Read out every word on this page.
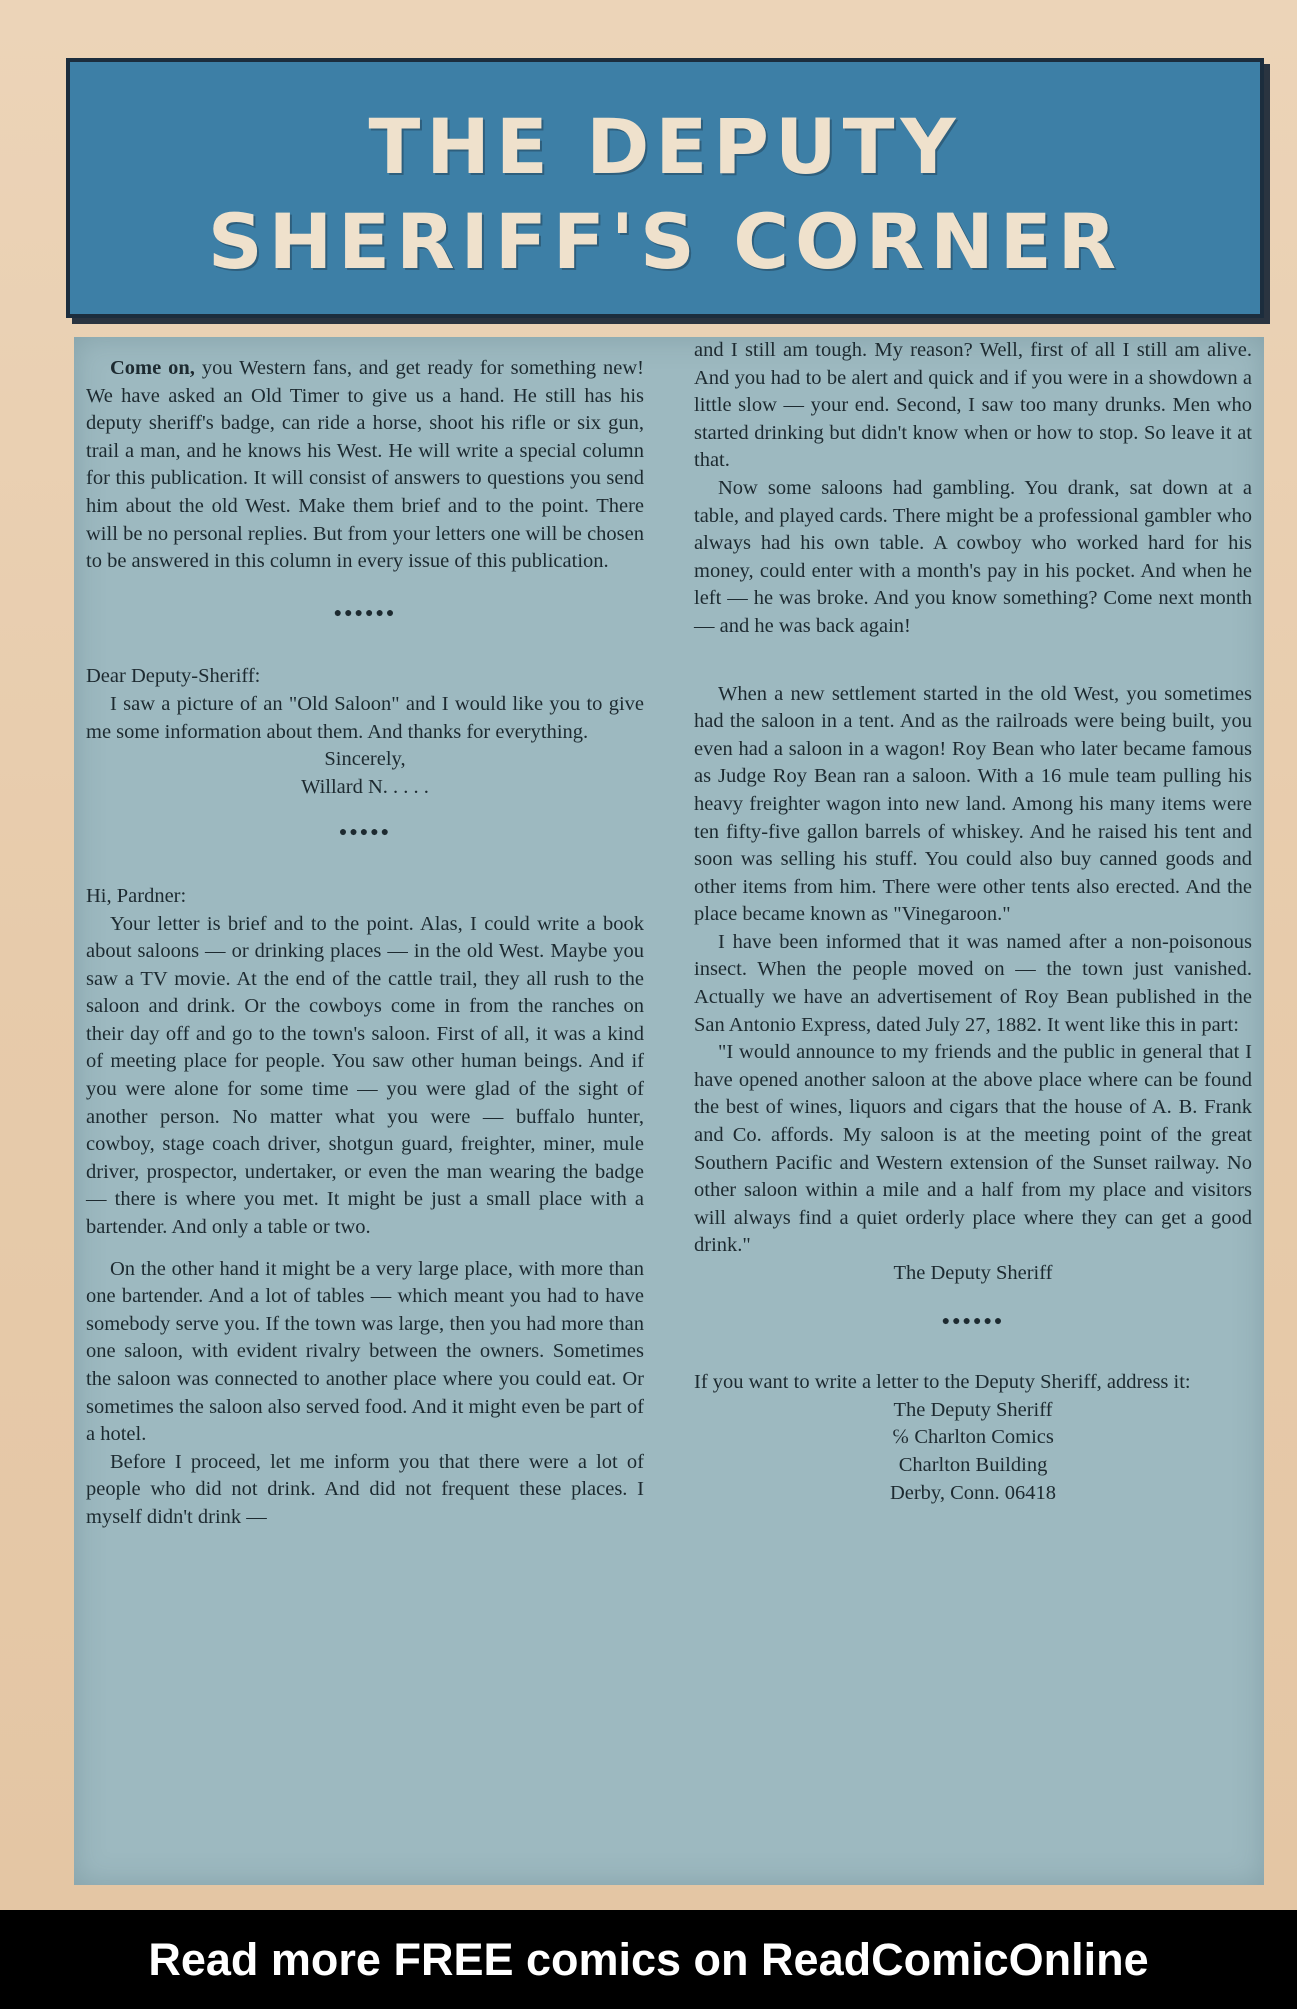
THE DEPUTY
SHERIFF'S CORNER

Come on, you Western fans, and get ready for something new! We have asked an Old Timer to give us a hand. He still has his deputy sheriff's badge, can ride a horse, shoot his rifle or six gun, trail a man, and he knows his West. He will write a special column for this publication. It will consist of answers to questions you send him about the old West. Make them brief and to the point. There will be no personal replies. But from your letters one will be chosen to be answered in this column in every issue of this publication.

●●●●●●

Dear Deputy-Sheriff:

I saw a picture of an "Old Saloon" and I would like you to give me some information about them. And thanks for everything.

Sincerely,

Willard N. . . . .

●●●●●

Hi, Pardner:

Your letter is brief and to the point. Alas, I could write a book about saloons — or drinking places — in the old West. Maybe you saw a TV movie. At the end of the cattle trail, they all rush to the saloon and drink. Or the cowboys come in from the ranches on their day off and go to the town's saloon. First of all, it was a kind of meeting place for people. You saw other human beings. And if you were alone for some time — you were glad of the sight of another person. No matter what you were — buffalo hunter, cowboy, stage coach driver, shotgun guard, freighter, miner, mule driver, prospector, undertaker, or even the man wearing the badge — there is where you met. It might be just a small place with a bartender. And only a table or two.

On the other hand it might be a very large place, with more than one bartender. And a lot of tables — which meant you had to have somebody serve you. If the town was large, then you had more than one saloon, with evident rivalry between the owners. Sometimes the saloon was connected to another place where you could eat. Or sometimes the saloon also served food. And it might even be part of a hotel.

Before I proceed, let me inform you that there were a lot of people who did not drink. And did not frequent these places. I myself didn't drink —

and I still am tough. My reason? Well, first of all I still am alive. And you had to be alert and quick and if you were in a showdown a little slow — your end. Second, I saw too many drunks. Men who started drinking but didn't know when or how to stop. So leave it at that.

Now some saloons had gambling. You drank, sat down at a table, and played cards. There might be a professional gambler who always had his own table. A cowboy who worked hard for his money, could enter with a month's pay in his pocket. And when he left — he was broke. And you know something? Come next month — and he was back again!

When a new settlement started in the old West, you sometimes had the saloon in a tent. And as the railroads were being built, you even had a saloon in a wagon! Roy Bean who later became famous as Judge Roy Bean ran a saloon. With a 16 mule team pulling his heavy freighter wagon into new land. Among his many items were ten fifty-five gallon barrels of whiskey. And he raised his tent and soon was selling his stuff. You could also buy canned goods and other items from him. There were other tents also erected. And the place became known as "Vinegaroon."

I have been informed that it was named after a non-poisonous insect. When the people moved on — the town just vanished. Actually we have an advertisement of Roy Bean published in the San Antonio Express, dated July 27, 1882. It went like this in part:

"I would announce to my friends and the public in general that I have opened another saloon at the above place where can be found the best of wines, liquors and cigars that the house of A. B. Frank and Co. affords. My saloon is at the meeting point of the great Southern Pacific and Western extension of the Sunset railway. No other saloon within a mile and a half from my place and visitors will always find a quiet orderly place where they can get a good drink."

The Deputy Sheriff

●●●●●●

If you want to write a letter to the Deputy Sheriff, address it:

The Deputy Sheriff

℅ Charlton Comics

Charlton Building

Derby, Conn. 06418

Read more FREE comics on ReadComicOnline
